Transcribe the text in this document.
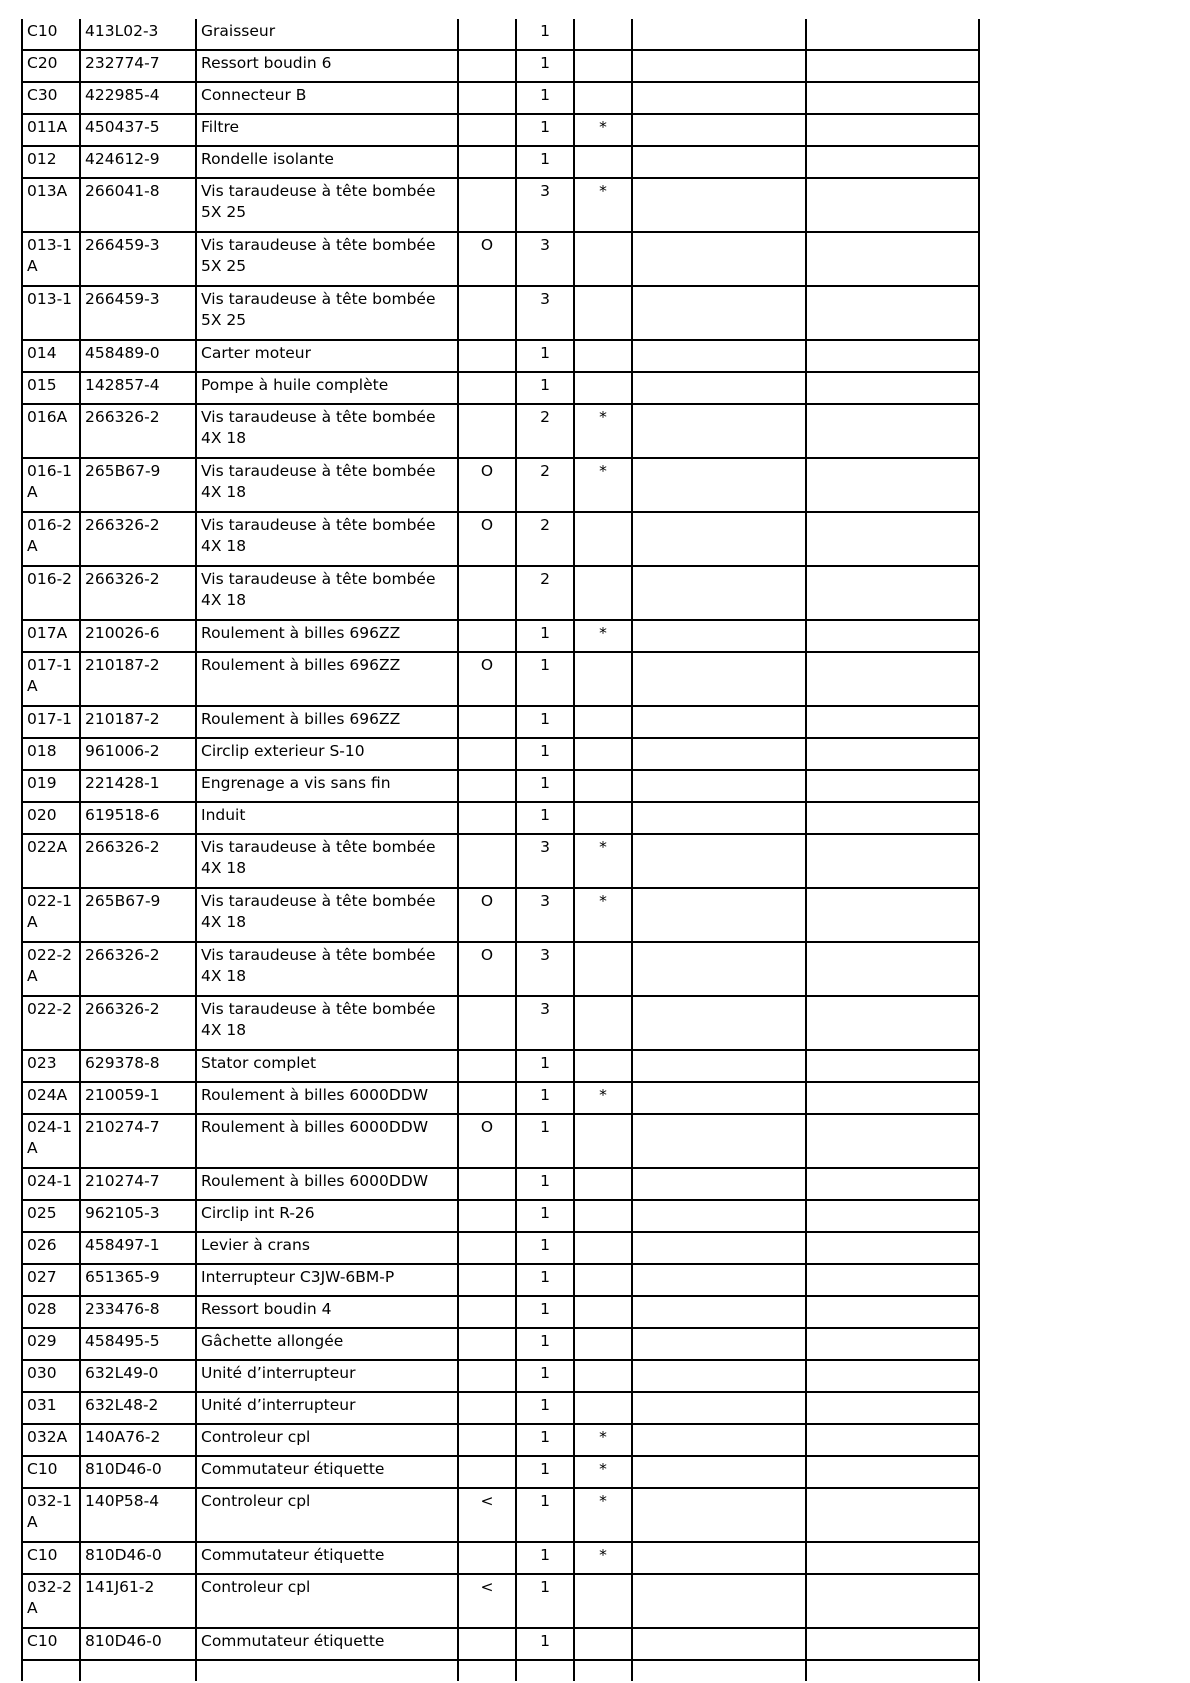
C10	413L02-3	Graisseur		1			
C20	232774-7	Ressort boudin 6		1			
C30	422985-4	Connecteur B		1			
011A	450437-5	Filtre		1	*		
012	424612-9	Rondelle isolante		1			
013A	266041-8	Vis taraudeuse à tête bombée 5X 25		3	*		
013-1 A	266459-3	Vis taraudeuse à tête bombée 5X 25	O	3			
013-1	266459-3	Vis taraudeuse à tête bombée 5X 25		3			
014	458489-0	Carter moteur		1			
015	142857-4	Pompe à huile complète		1			
016A	266326-2	Vis taraudeuse à tête bombée 4X 18		2	*		
016-1 A	265B67-9	Vis taraudeuse à tête bombée 4X 18	O	2	*		
016-2 A	266326-2	Vis taraudeuse à tête bombée 4X 18	O	2			
016-2	266326-2	Vis taraudeuse à tête bombée 4X 18		2			
017A	210026-6	Roulement à billes 696ZZ		1	*		
017-1 A	210187-2	Roulement à billes 696ZZ	O	1			
017-1	210187-2	Roulement à billes 696ZZ		1			
018	961006-2	Circlip exterieur S-10		1			
019	221428-1	Engrenage a vis sans fin		1			
020	619518-6	Induit		1			
022A	266326-2	Vis taraudeuse à tête bombée 4X 18		3	*		
022-1 A	265B67-9	Vis taraudeuse à tête bombée 4X 18	O	3	*		
022-2 A	266326-2	Vis taraudeuse à tête bombée 4X 18	O	3			
022-2	266326-2	Vis taraudeuse à tête bombée 4X 18		3			
023	629378-8	Stator complet		1			
024A	210059-1	Roulement à billes 6000DDW		1	*		
024-1 A	210274-7	Roulement à billes 6000DDW	O	1			
024-1	210274-7	Roulement à billes 6000DDW		1			
025	962105-3	Circlip int R-26		1			
026	458497-1	Levier à crans		1			
027	651365-9	Interrupteur C3JW-6BM-P		1			
028	233476-8	Ressort boudin 4		1			
029	458495-5	Gâchette allongée		1			
030	632L49-0	Unité d’interrupteur		1			
031	632L48-2	Unité d’interrupteur		1			
032A	140A76-2	Controleur cpl		1	*		
C10	810D46-0	Commutateur étiquette		1	*		
032-1 A	140P58-4	Controleur cpl	<	1	*		
C10	810D46-0	Commutateur étiquette		1	*		
032-2 A	141J61-2	Controleur cpl	<	1			
C10	810D46-0	Commutateur étiquette		1			
